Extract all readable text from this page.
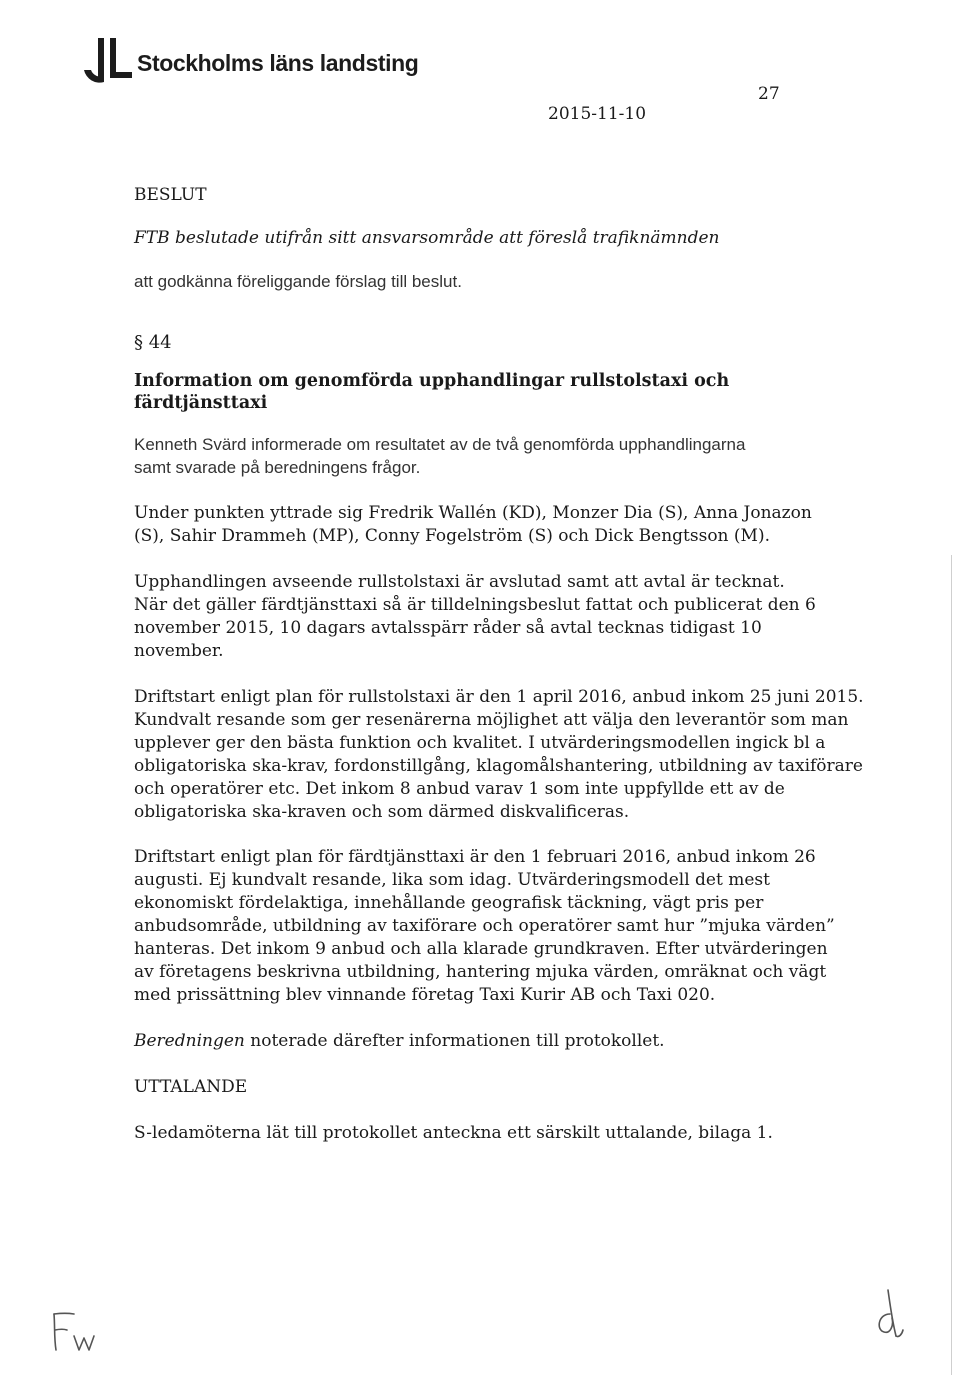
Stockholms läns landsting
27
2015-11-10
BESLUT
FTB beslutade utifrån sitt ansvarsområde att föreslå trafiknämnden
att godkänna föreliggande förslag till beslut.
§ 44
Information om genomförda upphandlingar rullstolstaxi och
färdtjänsttaxi
Kenneth Svärd informerade om resultatet av de två genomförda upphandlingarna
samt svarade på beredningens frågor.
Under punkten yttrade sig Fredrik Wallén (KD), Monzer Dia (S), Anna Jonazon
(S), Sahir Drammeh (MP), Conny Fogelström (S) och Dick Bengtsson (M).
Upphandlingen avseende rullstolstaxi är avslutad samt att avtal är tecknat.
När det gäller färdtjänsttaxi så är tilldelningsbeslut fattat och publicerat den 6
november 2015, 10 dagars avtalsspärr råder så avtal tecknas tidigast 10
november.
Driftstart enligt plan för rullstolstaxi är den 1 april 2016, anbud inkom 25 juni 2015.
Kundvalt resande som ger resenärerna möjlighet att välja den leverantör som man
upplever ger den bästa funktion och kvalitet. I utvärderingsmodellen ingick bl a
obligatoriska ska-krav, fordonstillgång, klagomålshantering, utbildning av taxiförare
och operatörer etc. Det inkom 8 anbud varav 1 som inte uppfyllde ett av de
obligatoriska ska-kraven och som därmed diskvalificeras.
Driftstart enligt plan för färdtjänsttaxi är den 1 februari 2016, anbud inkom 26
augusti. Ej kundvalt resande, lika som idag. Utvärderingsmodell det mest
ekonomiskt fördelaktiga, innehållande geografisk täckning, vägt pris per
anbudsområde, utbildning av taxiförare och operatörer samt hur ”mjuka värden”
hanteras. Det inkom 9 anbud och alla klarade grundkraven. Efter utvärderingen
av företagens beskrivna utbildning, hantering mjuka värden, omräknat och vägt
med prissättning blev vinnande företag Taxi Kurir AB och Taxi 020.
Beredningen noterade därefter informationen till protokollet.
UTTALANDE
S-ledamöterna lät till protokollet anteckna ett särskilt uttalande, bilaga 1.
